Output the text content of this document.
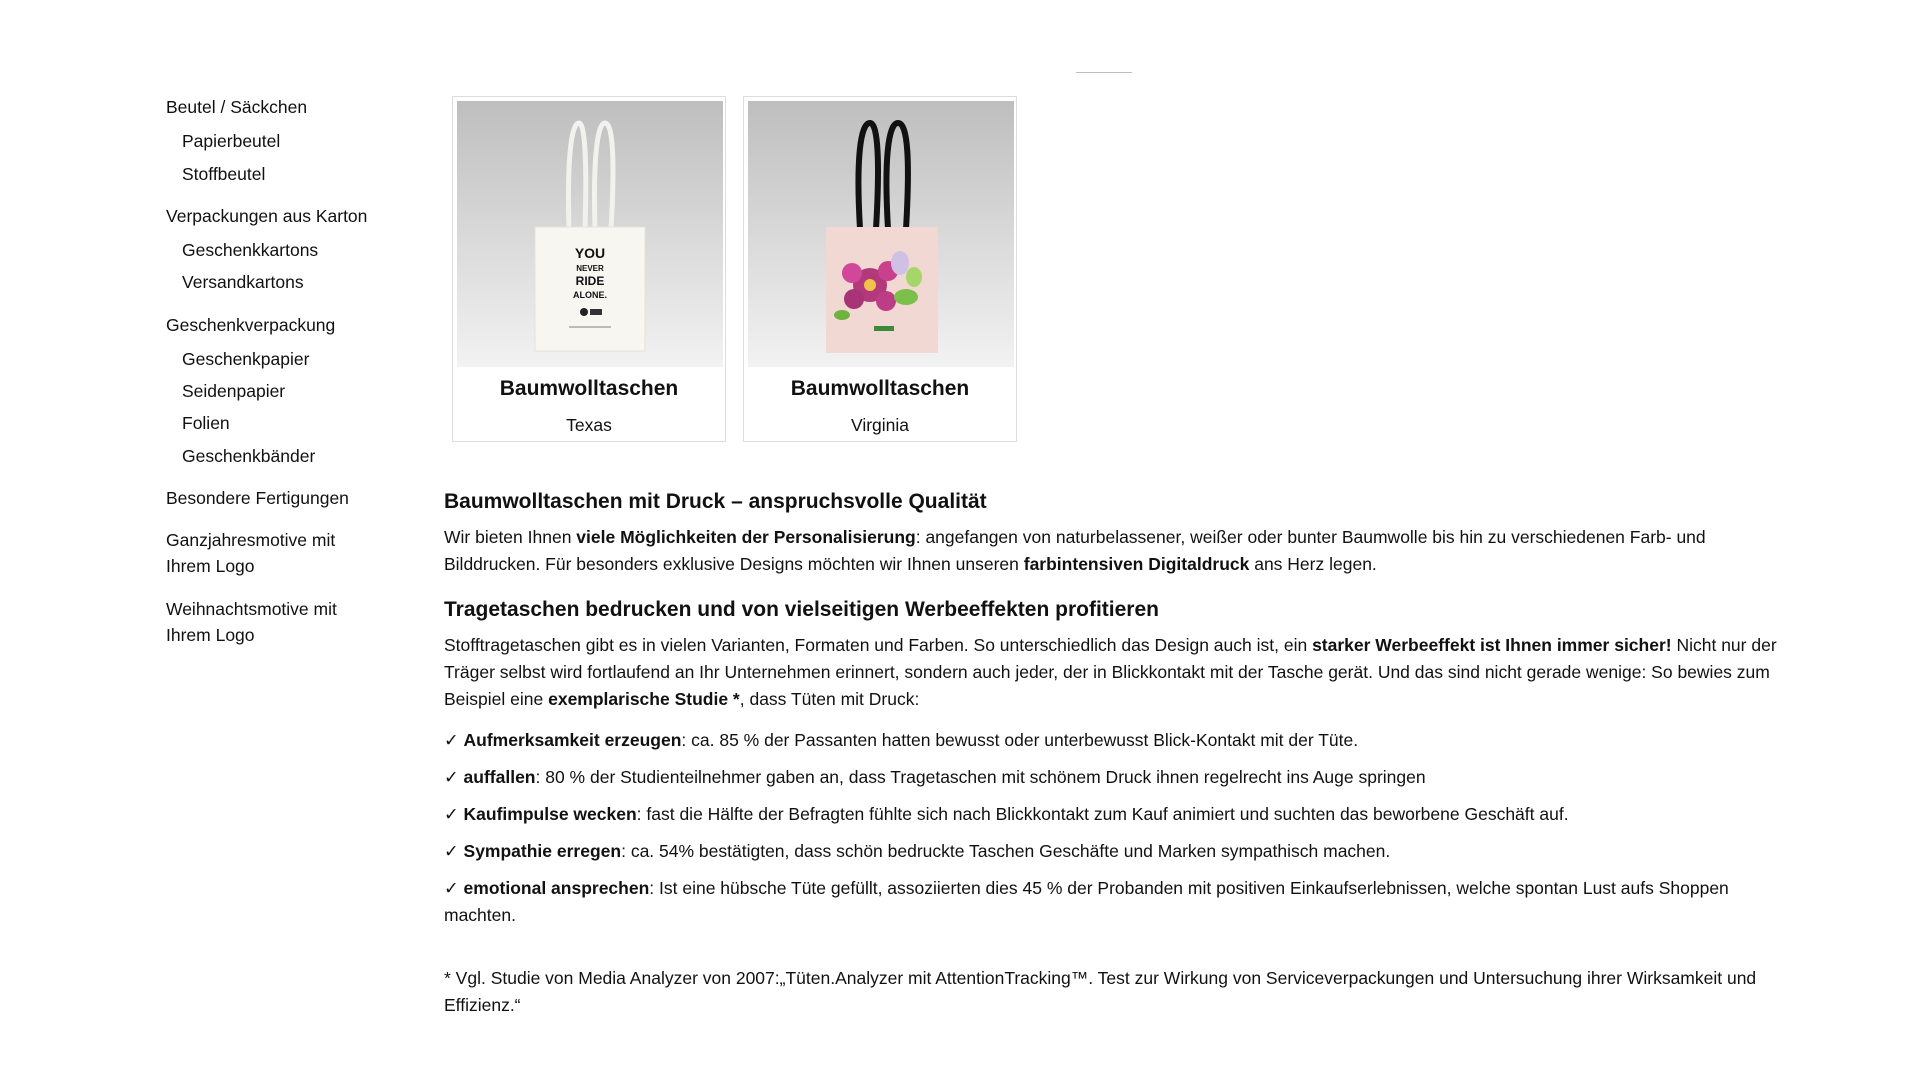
Beutel / Säckchen
Papierbeutel
Stoffbeutel
Verpackungen aus Karton
Geschenkkartons
Versandkartons
Geschenkverpackung
Geschenkpapier
Seidenpapier
Folien
Geschenkbänder
Besondere Fertigungen
Ganzjahresmotive mit Ihrem Logo
Weihnachtsmotive mit Ihrem Logo
YOU
NEVER
RIDE
ALONE.
Baumwolltaschen
Texas
Baumwolltaschen
Virginia
Baumwolltaschen mit Druck – anspruchsvolle Qualität

Wir bieten Ihnen viele Möglichkeiten der Personalisierung: angefangen von naturbelassener, weißer oder bunter Baumwolle bis hin zu verschiedenen Farb- und Bilddrucken. Für besonders exklusive Designs möchten wir Ihnen unseren farbintensiven Digitaldruck ans Herz legen.

Tragetaschen bedrucken und von vielseitigen Werbeeffekten profitieren

Stofftragetaschen gibt es in vielen Varianten, Formaten und Farben. So unterschiedlich das Design auch ist, ein starker Werbeeffekt ist Ihnen immer sicher! Nicht nur der Träger selbst wird fortlaufend an Ihr Unternehmen erinnert, sondern auch jeder, der in Blickkontakt mit der Tasche gerät. Und das sind nicht gerade wenige: So bewies zum Beispiel eine exemplarische Studie *, dass Tüten mit Druck:

✓ Aufmerksamkeit erzeugen: ca. 85 % der Passanten hatten bewusst oder unterbewusst Blick-Kontakt mit der Tüte.
✓ auffallen: 80 % der Studienteilnehmer gaben an, dass Tragetaschen mit schönem Druck ihnen regelrecht ins Auge springen
✓ Kaufimpulse wecken: fast die Hälfte der Befragten fühlte sich nach Blickkontakt zum Kauf animiert und suchten das beworbene Geschäft auf.
✓ Sympathie erregen: ca. 54% bestätigten, dass schön bedruckte Taschen Geschäfte und Marken sympathisch machen.
✓ emotional ansprechen: Ist eine hübsche Tüte gefüllt, assoziierten dies 45 % der Probanden mit positiven Einkaufserlebnissen, welche spontan Lust aufs Shoppen machten.

* Vgl. Studie von Media Analyzer von 2007:„Tüten.Analyzer mit AttentionTracking™. Test zur Wirkung von Serviceverpackungen und Untersuchung ihrer Wirksamkeit und Effizienz.“
